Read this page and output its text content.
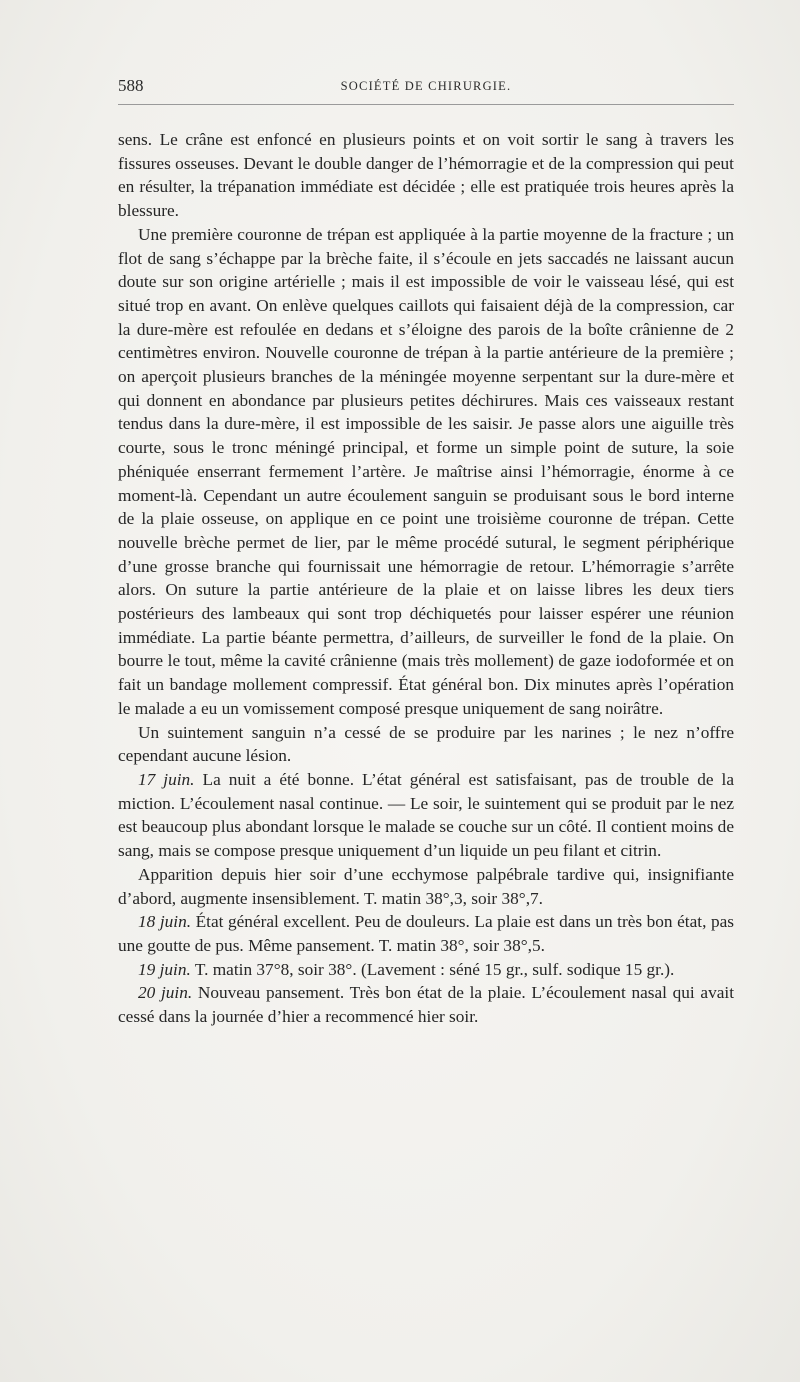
588	SOCIÉTÉ DE CHIRURGIE.

sens. Le crâne est enfoncé en plusieurs points et on voit sortir le sang à travers les fissures osseuses. Devant le double danger de l’hémorragie et de la compression qui peut en résulter, la trépanation immédiate est décidée ; elle est pratiquée trois heures après la blessure.

Une première couronne de trépan est appliquée à la partie moyenne de la fracture ; un flot de sang s’échappe par la brèche faite, il s’écoule en jets saccadés ne laissant aucun doute sur son origine artérielle ; mais il est impossible de voir le vaisseau lésé, qui est situé trop en avant. On enlève quelques caillots qui faisaient déjà de la compression, car la dure-mère est refoulée en dedans et s’éloigne des parois de la boîte crânienne de 2 centimètres environ. Nouvelle couronne de trépan à la partie antérieure de la première ; on aperçoit plusieurs branches de la méningée moyenne serpentant sur la dure-mère et qui donnent en abondance par plusieurs petites déchirures. Mais ces vaisseaux restant tendus dans la dure-mère, il est impossible de les saisir. Je passe alors une aiguille très courte, sous le tronc méningé principal, et forme un simple point de suture, la soie phéniquée enserrant fermement l’artère. Je maîtrise ainsi l’hémorragie, énorme à ce moment-là. Cependant un autre écoulement sanguin se produisant sous le bord interne de la plaie osseuse, on applique en ce point une troisième couronne de trépan. Cette nouvelle brèche permet de lier, par le même procédé sutural, le segment périphérique d’une grosse branche qui fournissait une hémorragie de retour. L’hémorragie s’arrête alors. On suture la partie antérieure de la plaie et on laisse libres les deux tiers postérieurs des lambeaux qui sont trop déchiquetés pour laisser espérer une réunion immédiate. La partie béante permettra, d’ailleurs, de surveiller le fond de la plaie. On bourre le tout, même la cavité crânienne (mais très mollement) de gaze iodoformée et on fait un bandage mollement compressif. État général bon. Dix minutes après l’opération le malade a eu un vomissement composé presque uniquement de sang noirâtre.

Un suintement sanguin n’a cessé de se produire par les narines ; le nez n’offre cependant aucune lésion.

17 juin. La nuit a été bonne. L’état général est satisfaisant, pas de trouble de la miction. L’écoulement nasal continue. — Le soir, le suintement qui se produit par le nez est beaucoup plus abondant lorsque le malade se couche sur un côté. Il contient moins de sang, mais se compose presque uniquement d’un liquide un peu filant et citrin.

Apparition depuis hier soir d’une ecchymose palpébrale tardive qui, insignifiante d’abord, augmente insensiblement. T. matin 38°,3, soir 38°,7.

18 juin. État général excellent. Peu de douleurs. La plaie est dans un très bon état, pas une goutte de pus. Même pansement. T. matin 38°, soir 38°,5.

19 juin. T. matin 37°8, soir 38°. (Lavement : séné 15 gr., sulf. sodique 15 gr.).

20 juin. Nouveau pansement. Très bon état de la plaie. L’écoulement nasal qui avait cessé dans la journée d’hier a recommencé hier soir.
